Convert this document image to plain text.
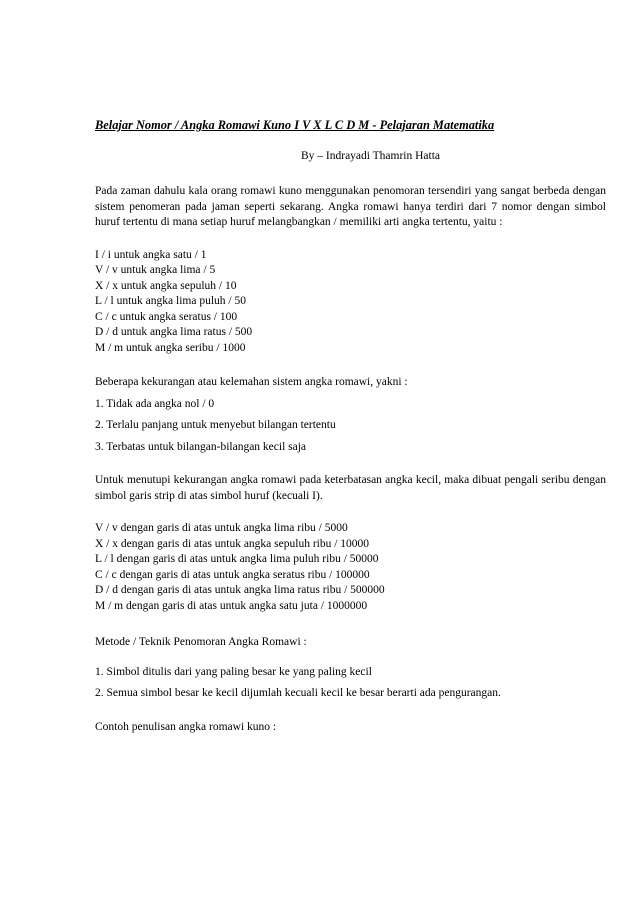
Belajar Nomor / Angka Romawi Kuno I V X L C D M - Pelajaran Matematika
By – Indrayadi Thamrin Hatta
Pada zaman dahulu kala orang romawi kuno menggunakan penomoran tersendiri yang sangat berbeda dengan sistem penomeran pada jaman seperti sekarang. Angka romawi hanya terdiri dari 7 nomor dengan simbol huruf tertentu di mana setiap huruf melangbangkan / memiliki arti angka tertentu, yaitu :
I / i untuk angka satu / 1
V / v untuk angka lima / 5
X / x untuk angka sepuluh / 10
L / l untuk angka lima puluh / 50
C / c untuk angka seratus / 100
D / d untuk angka lima ratus / 500
M / m untuk angka seribu / 1000
Beberapa kekurangan atau kelemahan sistem angka romawi, yakni :
1. Tidak ada angka nol / 0
2. Terlalu panjang untuk menyebut bilangan tertentu
3. Terbatas untuk bilangan-bilangan kecil saja
Untuk menutupi kekurangan angka romawi pada keterbatasan angka kecil, maka dibuat pengali seribu dengan simbol garis strip di atas simbol huruf (kecuali I).
V / v dengan garis di atas untuk angka lima ribu / 5000
X / x dengan garis di atas untuk angka sepuluh ribu / 10000
L / l dengan garis di atas untuk angka lima puluh ribu / 50000
C / c dengan garis di atas untuk angka seratus ribu / 100000
D / d dengan garis di atas untuk angka lima ratus ribu / 500000
M / m dengan garis di atas untuk angka satu juta / 1000000
Metode / Teknik Penomoran Angka Romawi :
1. Simbol ditulis dari yang paling besar ke yang paling kecil
2. Semua simbol besar ke kecil dijumlah kecuali kecil ke besar berarti ada pengurangan.
Contoh penulisan angka romawi kuno :
